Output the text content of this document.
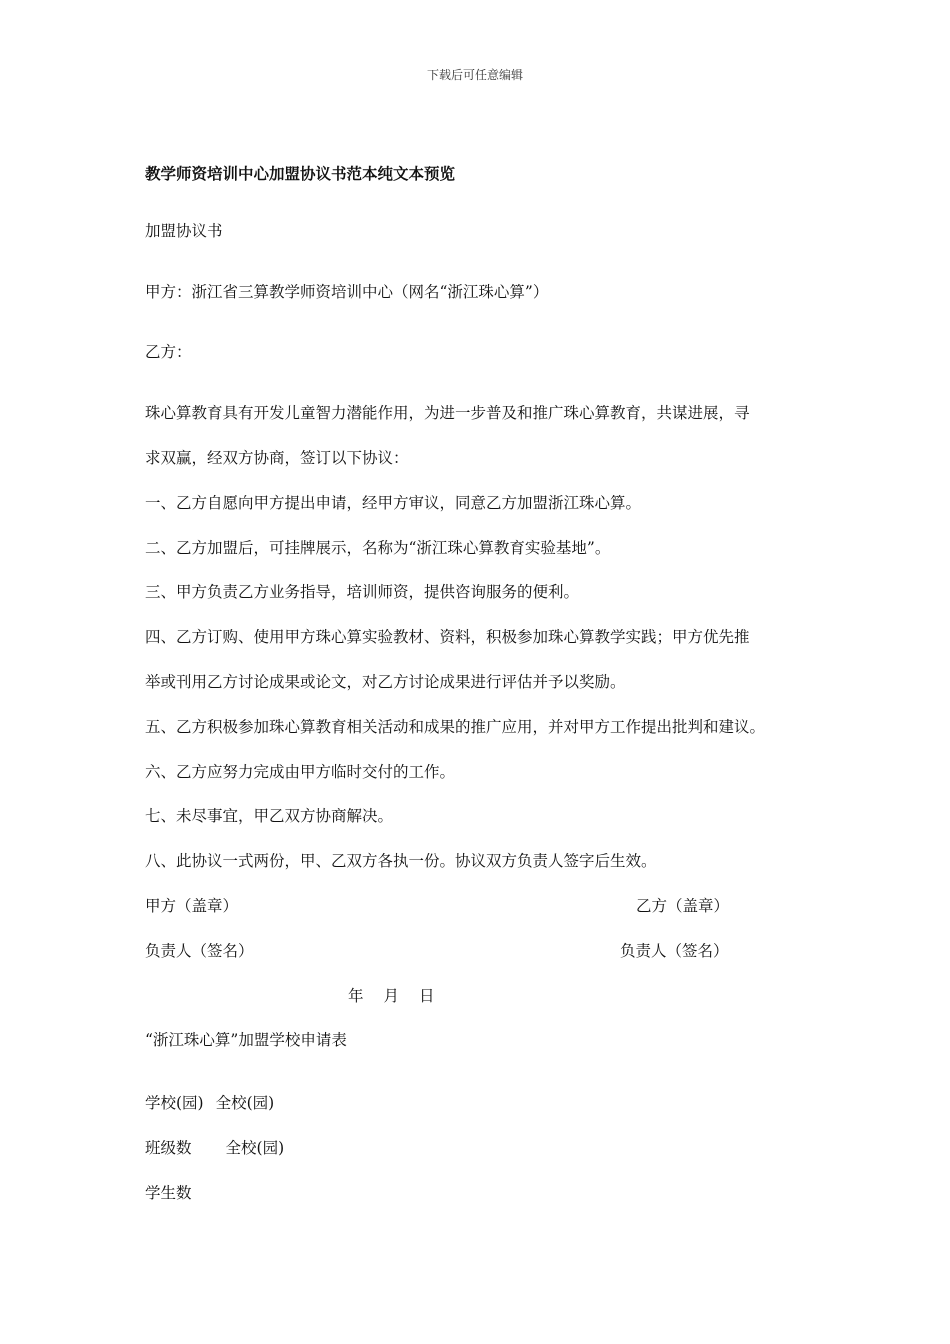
下载后可任意编辑
教学师资培训中心加盟协议书范本纯文本预览
加盟协议书
甲方：浙江省三算教学师资培训中心（网名“浙江珠心算”）
乙方：
珠心算教育具有开发儿童智力潜能作用，为进一步普及和推广珠心算教育，共谋进展，寻
求双赢，经双方协商，签订以下协议：
一、乙方自愿向甲方提出申请，经甲方审议，同意乙方加盟浙江珠心算。
二、乙方加盟后，可挂牌展示，名称为“浙江珠心算教育实验基地”。
三、甲方负责乙方业务指导，培训师资，提供咨询服务的便利。
四、乙方订购、使用甲方珠心算实验教材、资料，积极参加珠心算教学实践；甲方优先推
举或刊用乙方讨论成果或论文，对乙方讨论成果进行评估并予以奖励。
五、乙方积极参加珠心算教育相关活动和成果的推广应用，并对甲方工作提出批判和建议。
六、乙方应努力完成由甲方临时交付的工作。
七、未尽事宜，甲乙双方协商解决。
八、此协议一式两份，甲、乙双方各执一份。协议双方负责人签字后生效。
甲方（盖章）	乙方（盖章）
负责人（签名）	负责人（签名）
年 月 日
“浙江珠心算”加盟学校申请表
学校(园) 全校(园)
班级数 全校(园)
学生数
